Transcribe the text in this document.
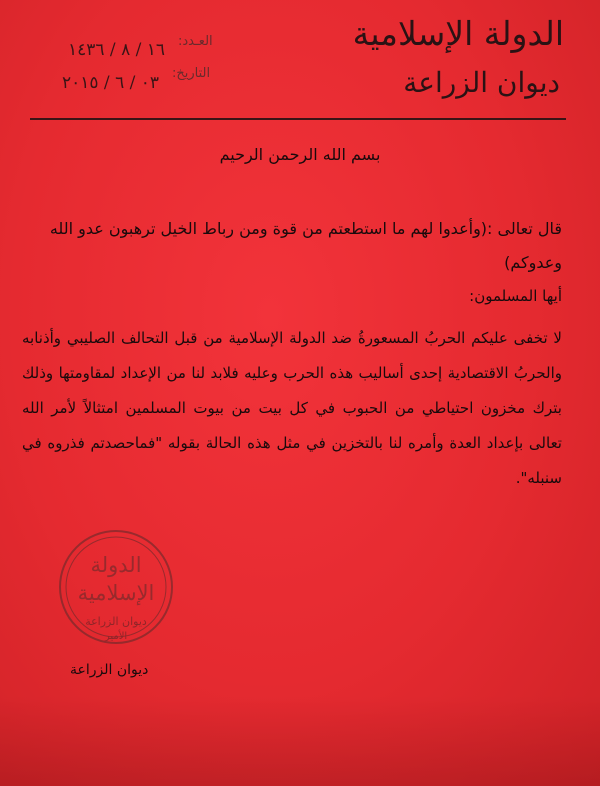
الدولة الإسلامية
ديوان الزراعة
العـدد:
التاريخ:
١٦ / ٨ / ١٤٣٦
٠٣ / ٦ / ٢٠١٥
بسم الله الرحمن الرحيم
قال تعالى :(وأعدوا لهم ما استطعتم من قوة ومن رباط الخيل ترهبون عدو الله وعدوكم)
أيها المسلمون:
لا تخفى عليكم الحربُ المسعورةُ ضد الدولة الإسلامية من قبل التحالف الصليبي وأذنابه والحربُ الاقتصادية إحدى أساليب هذه الحرب وعليه فلابد لنا من الإعداد لمقاومتها وذلك بترك مخزون احتياطي من الحبوب في كل بيت من بيوت المسلمين امتثالاً لأمر الله تعالى بإعداد العدة وأمره لنا بالتخزين في مثل هذه الحالة بقوله "فماحصدتم فذروه في سنبله".
الدولة
الإسلامية
ديوان الزراعة
الأمير
ديوان الزراعة
